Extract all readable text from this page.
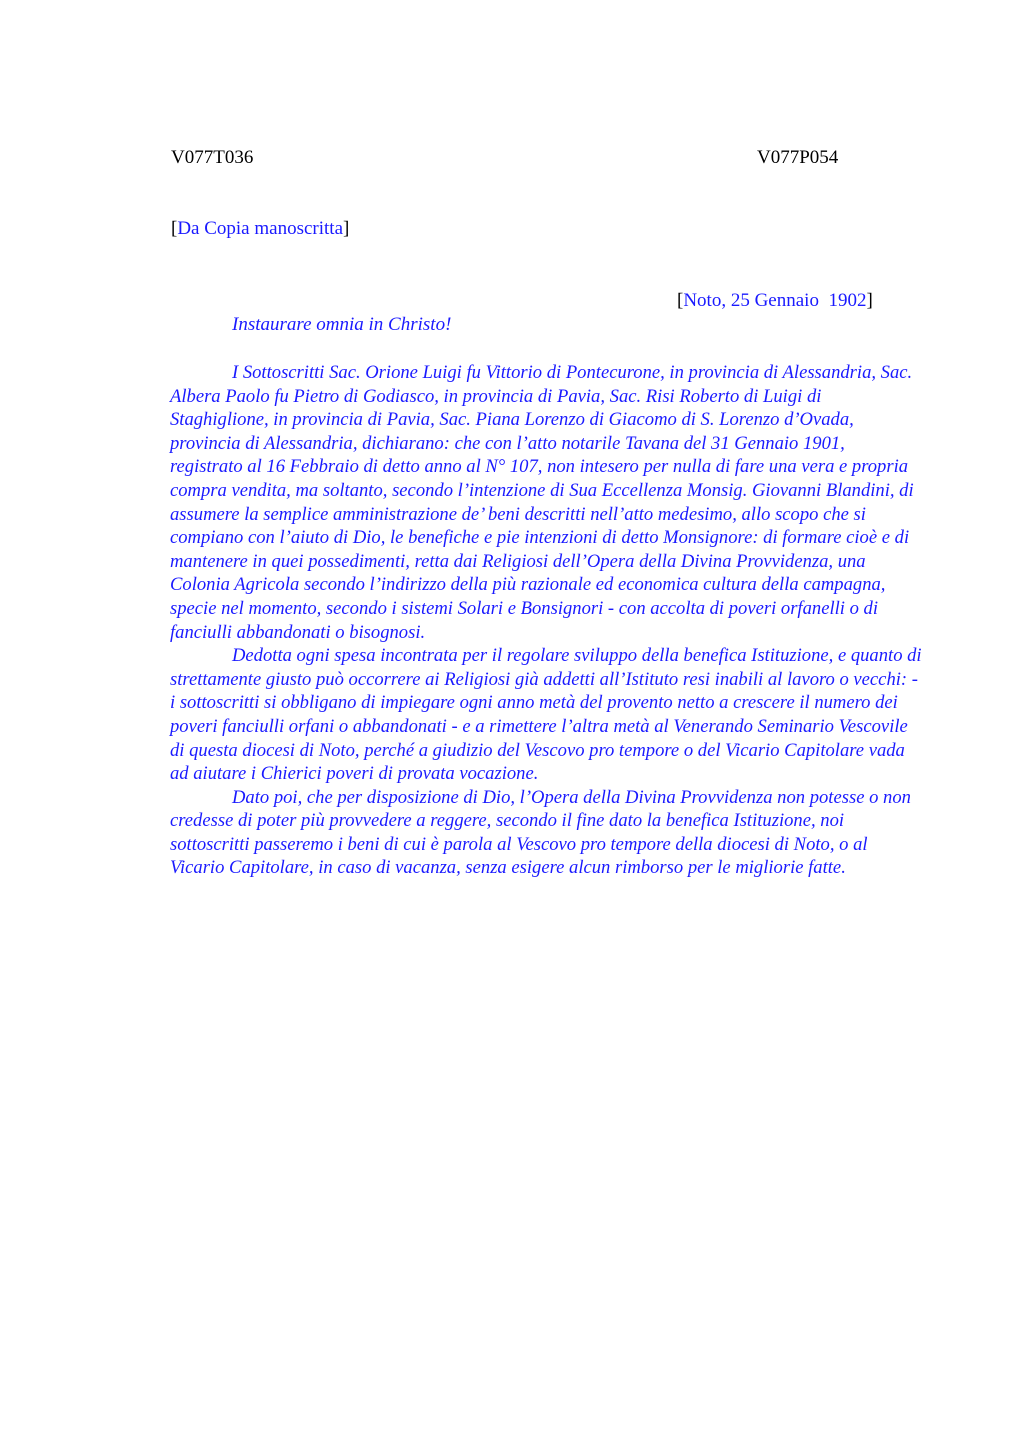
V077T036	V077P054
[Da Copia manoscritta]

[Noto, 25 Gennaio  1902]

Instaurare omnia in Christo!

I Sottoscritti Sac. Orione Luigi fu Vittorio di Pontecurone, in provincia di Alessandria, Sac. Albera Paolo fu Pietro di Godiasco, in provincia di Pavia, Sac. Risi Roberto di Luigi di Staghiglione, in provincia di Pavia, Sac. Piana Lorenzo di Giacomo di S. Lorenzo d’Ovada, provincia di Alessandria, dichiarano: che con l’atto notarile Tavana del 31 Gennaio 1901, registrato al 16 Febbraio di detto anno al N° 107, non intesero per nulla di fare una vera e propria compra vendita, ma soltanto, secondo l’intenzione di Sua Eccellenza Monsig. Giovanni Blandini, di assumere la semplice amministrazione de’ beni descritti nell’atto medesimo, allo scopo che si compiano con l’aiuto di Dio, le benefiche e pie intenzioni di detto Monsignore: di formare cioè e di mantenere in quei possedimenti, retta dai Religiosi dell’Opera della Divina Provvidenza, una Colonia Agricola secondo l’indirizzo della più razionale ed economica cultura della campagna, specie nel momento, secondo i sistemi Solari e Bonsignori - con accolta di poveri orfanelli o di fanciulli abbandonati o bisognosi.

Dedotta ogni spesa incontrata per il regolare sviluppo della benefica Istituzione, e quanto di strettamente giusto può occorrere ai Religiosi già addetti all’Istituto resi inabili al lavoro o vecchi: - i sottoscritti si obbligano di impiegare ogni anno metà del provento netto a crescere il numero dei poveri fanciulli orfani o abbandonati - e a rimettere l’altra metà al Venerando Seminario Vescovile di questa diocesi di Noto, perché a giudizio del Vescovo pro tempore o del Vicario Capitolare vada ad aiutare i Chierici poveri di provata vocazione.

Dato poi, che per disposizione di Dio, l’Opera della Divina Provvidenza non potesse o non credesse di poter più provvedere a reggere, secondo il fine dato la benefica Istituzione, noi sottoscritti passeremo i beni di cui è parola al Vescovo pro tempore della diocesi di Noto, o al Vicario Capitolare, in caso di vacanza, senza esigere alcun rimborso per le migliorie fatte.
